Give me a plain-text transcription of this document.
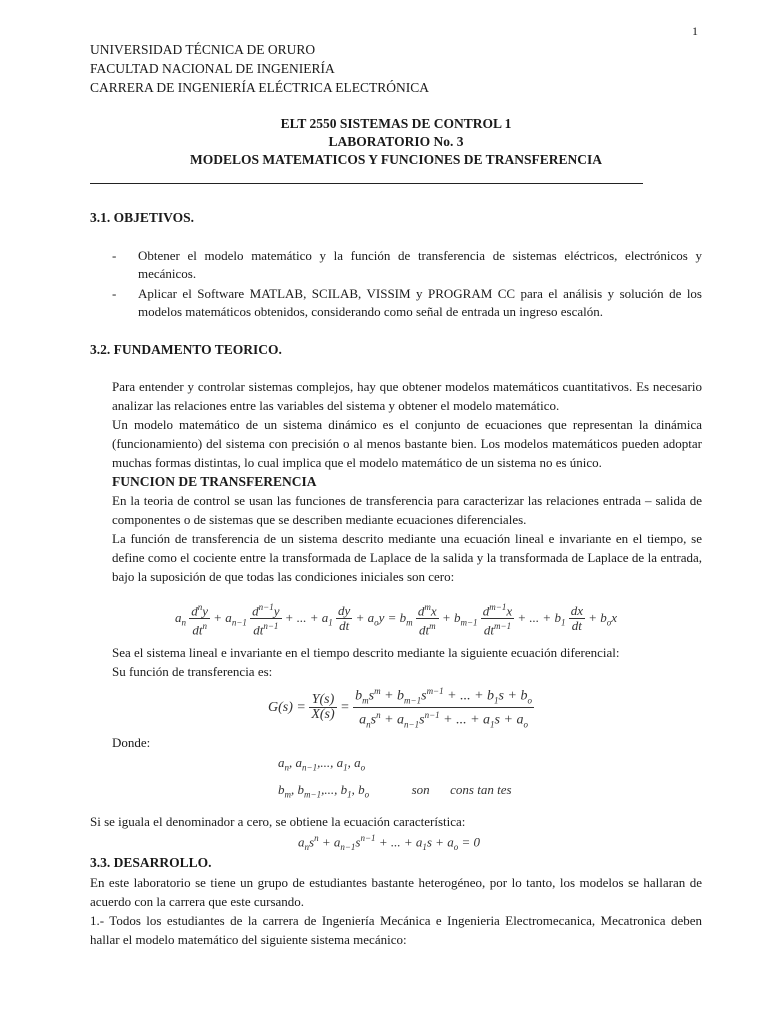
1
UNIVERSIDAD TÉCNICA DE ORURO
FACULTAD NACIONAL DE INGENIERÍA
CARRERA DE INGENIERÍA ELÉCTRICA ELECTRÓNICA
ELT 2550 SISTEMAS DE CONTROL 1
LABORATORIO No. 3
MODELOS MATEMATICOS Y FUNCIONES DE TRANSFERENCIA
3.1. OBJETIVOS.
- Obtener el modelo matemático y la función de transferencia de sistemas eléctricos, electrónicos y mecánicos.
- Aplicar el Software MATLAB, SCILAB, VISSIM y PROGRAM CC para el análisis y solución de los modelos matemáticos obtenidos, considerando como señal de entrada un ingreso escalón.
3.2. FUNDAMENTO TEORICO.

Para entender y controlar sistemas complejos, hay que obtener modelos matemáticos cuantitativos. Es necesario analizar las relaciones entre las variables del sistema y obtener el modelo matemático.

Un modelo matemático de un sistema dinámico es el conjunto de ecuaciones que representan la dinámica (funcionamiento) del sistema con precisión o al menos bastante bien. Los modelos matemáticos pueden adoptar muchas formas distintas, lo cual implica que el modelo matemático de un sistema no es único.

FUNCION DE TRANSFERENCIA

En la teoria de control se usan las funciones de transferencia para caracterizar las relaciones entrada – salida de componentes o de sistemas que se describen mediante ecuaciones diferenciales.

La función de transferencia de un sistema descrito mediante una ecuación lineal e invariante en el tiempo, se define como el cociente entre la transformada de Laplace de la salida y la transformada de Laplace de la entrada, bajo la suposición de que todas las condiciones iniciales son cero:

$a_n \frac{d^ny}{dt^n} + a_{n-1} \frac{d^{n-1}y}{dt^{n-1}}$ + ... + $a_1 \frac{dy}{dt} + a_oy = b_m \frac{d^mx}{dt^m} + b_{m-1} \frac{d^{m-1}x}{dt^{m-1}}$ + ... + $b_1 \frac{dx}{dt} + b_ox$

Sea el sistema lineal e invariante en el tiempo descrito mediante la siguiente ecuación diferencial:

Su función de transferencia es:

$G(s) = \frac{Y(s)}{X(s)} = \frac{b_ms^m + b_{m-1}s^{m-1} + ... + b_1s + b_o}{a_ns^n + a_{n-1}s^{n-1} + ... + a_1s + a_o}$
Donde:
$a_n$, $a_{n-1}$,..., $a_1$, $a_o$
$b_m$, $b_{m-1}$,..., $b_1$, $b_o$	son cons tan tes
Si se iguala el denominador a cero, se obtiene la ecuación característica:
$a_ns^n + a_{n-1}s^{n-1}$ + ... + $a_1s + a_o = 0$
3.3. DESARROLLO.

En este laboratorio se tiene un grupo de estudiantes bastante heterogéneo, por lo tanto, los modelos se hallaran de acuerdo con la carrera que este cursando.

1.- Todos los estudiantes de la carrera de Ingeniería Mecánica e Ingenieria Electromecanica, Mecatronica deben hallar el modelo matemático del siguiente sistema mecánico:
